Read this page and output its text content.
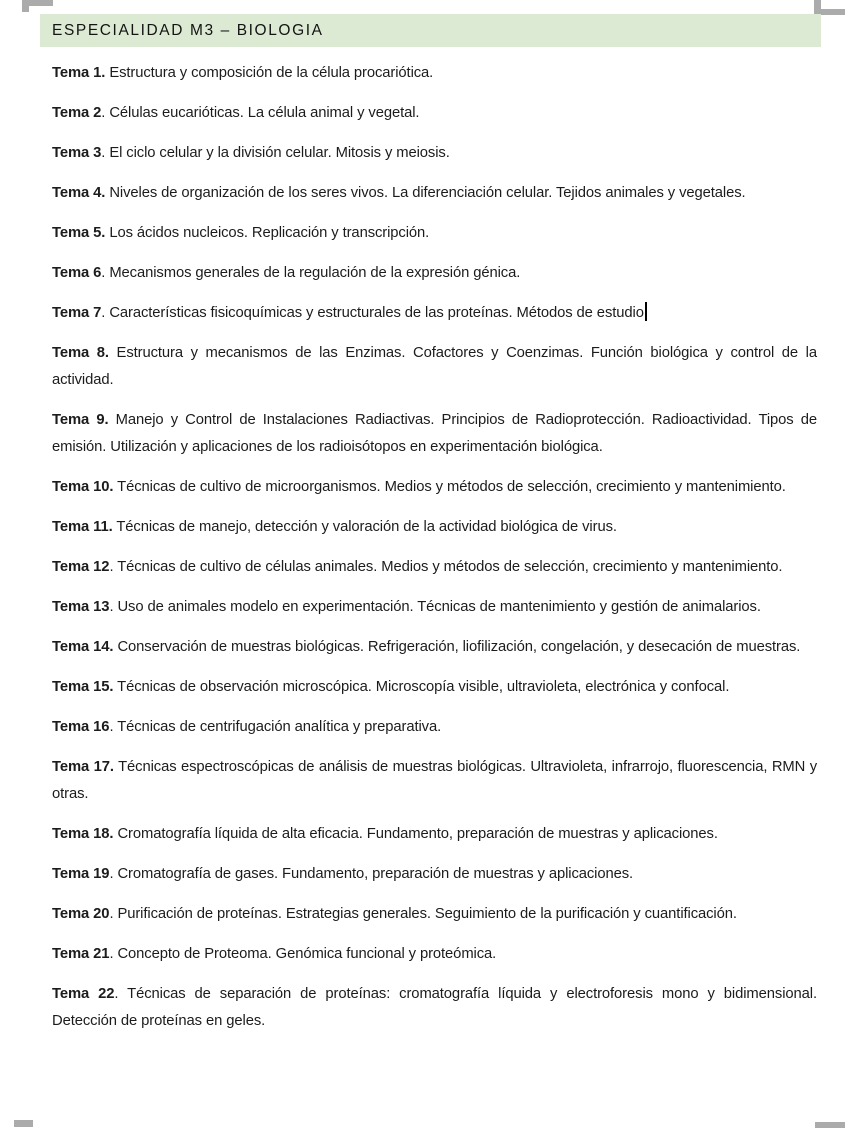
ESPECIALIDAD M3 – BIOLOGIA

Tema 1. Estructura y composición de la célula procariótica.

Tema 2. Células eucarióticas. La célula animal y vegetal.

Tema 3. El ciclo celular y la división celular. Mitosis y meiosis.

Tema 4. Niveles de organización de los seres vivos. La diferenciación celular. Tejidos animales y vegetales.

Tema 5. Los ácidos nucleicos. Replicación y transcripción.

Tema 6. Mecanismos generales de la regulación de la expresión génica.

Tema 7. Características fisicoquímicas y estructurales de las proteínas. Métodos de estudio

Tema 8. Estructura y mecanismos de las Enzimas. Cofactores y Coenzimas. Función biológica y control de la actividad.

Tema 9. Manejo y Control de Instalaciones Radiactivas. Principios de Radioprotección. Radioactividad. Tipos de emisión. Utilización y aplicaciones de los radioisótopos en experimentación biológica.

Tema 10. Técnicas de cultivo de microorganismos. Medios y métodos de selección, crecimiento y mantenimiento.

Tema 11. Técnicas de manejo, detección y valoración de la actividad biológica de virus.

Tema 12. Técnicas de cultivo de células animales. Medios y métodos de selección, crecimiento y mantenimiento.

Tema 13. Uso de animales modelo en experimentación. Técnicas de mantenimiento y gestión de animalarios.

Tema 14. Conservación de muestras biológicas. Refrigeración, liofilización, congelación, y desecación de muestras.

Tema 15. Técnicas de observación microscópica. Microscopía visible, ultravioleta, electrónica y confocal.

Tema 16. Técnicas de centrifugación analítica y preparativa.

Tema 17. Técnicas espectroscópicas de análisis de muestras biológicas. Ultravioleta, infrarrojo, fluorescencia, RMN y otras.

Tema 18. Cromatografía líquida de alta eficacia. Fundamento, preparación de muestras y aplicaciones.

Tema 19. Cromatografía de gases. Fundamento, preparación de muestras y aplicaciones.

Tema 20. Purificación de proteínas. Estrategias generales. Seguimiento de la purificación y cuantificación.

Tema 21. Concepto de Proteoma. Genómica funcional y proteómica.

Tema 22. Técnicas de separación de proteínas: cromatografía líquida y electroforesis mono y bidimensional. Detección de proteínas en geles.
